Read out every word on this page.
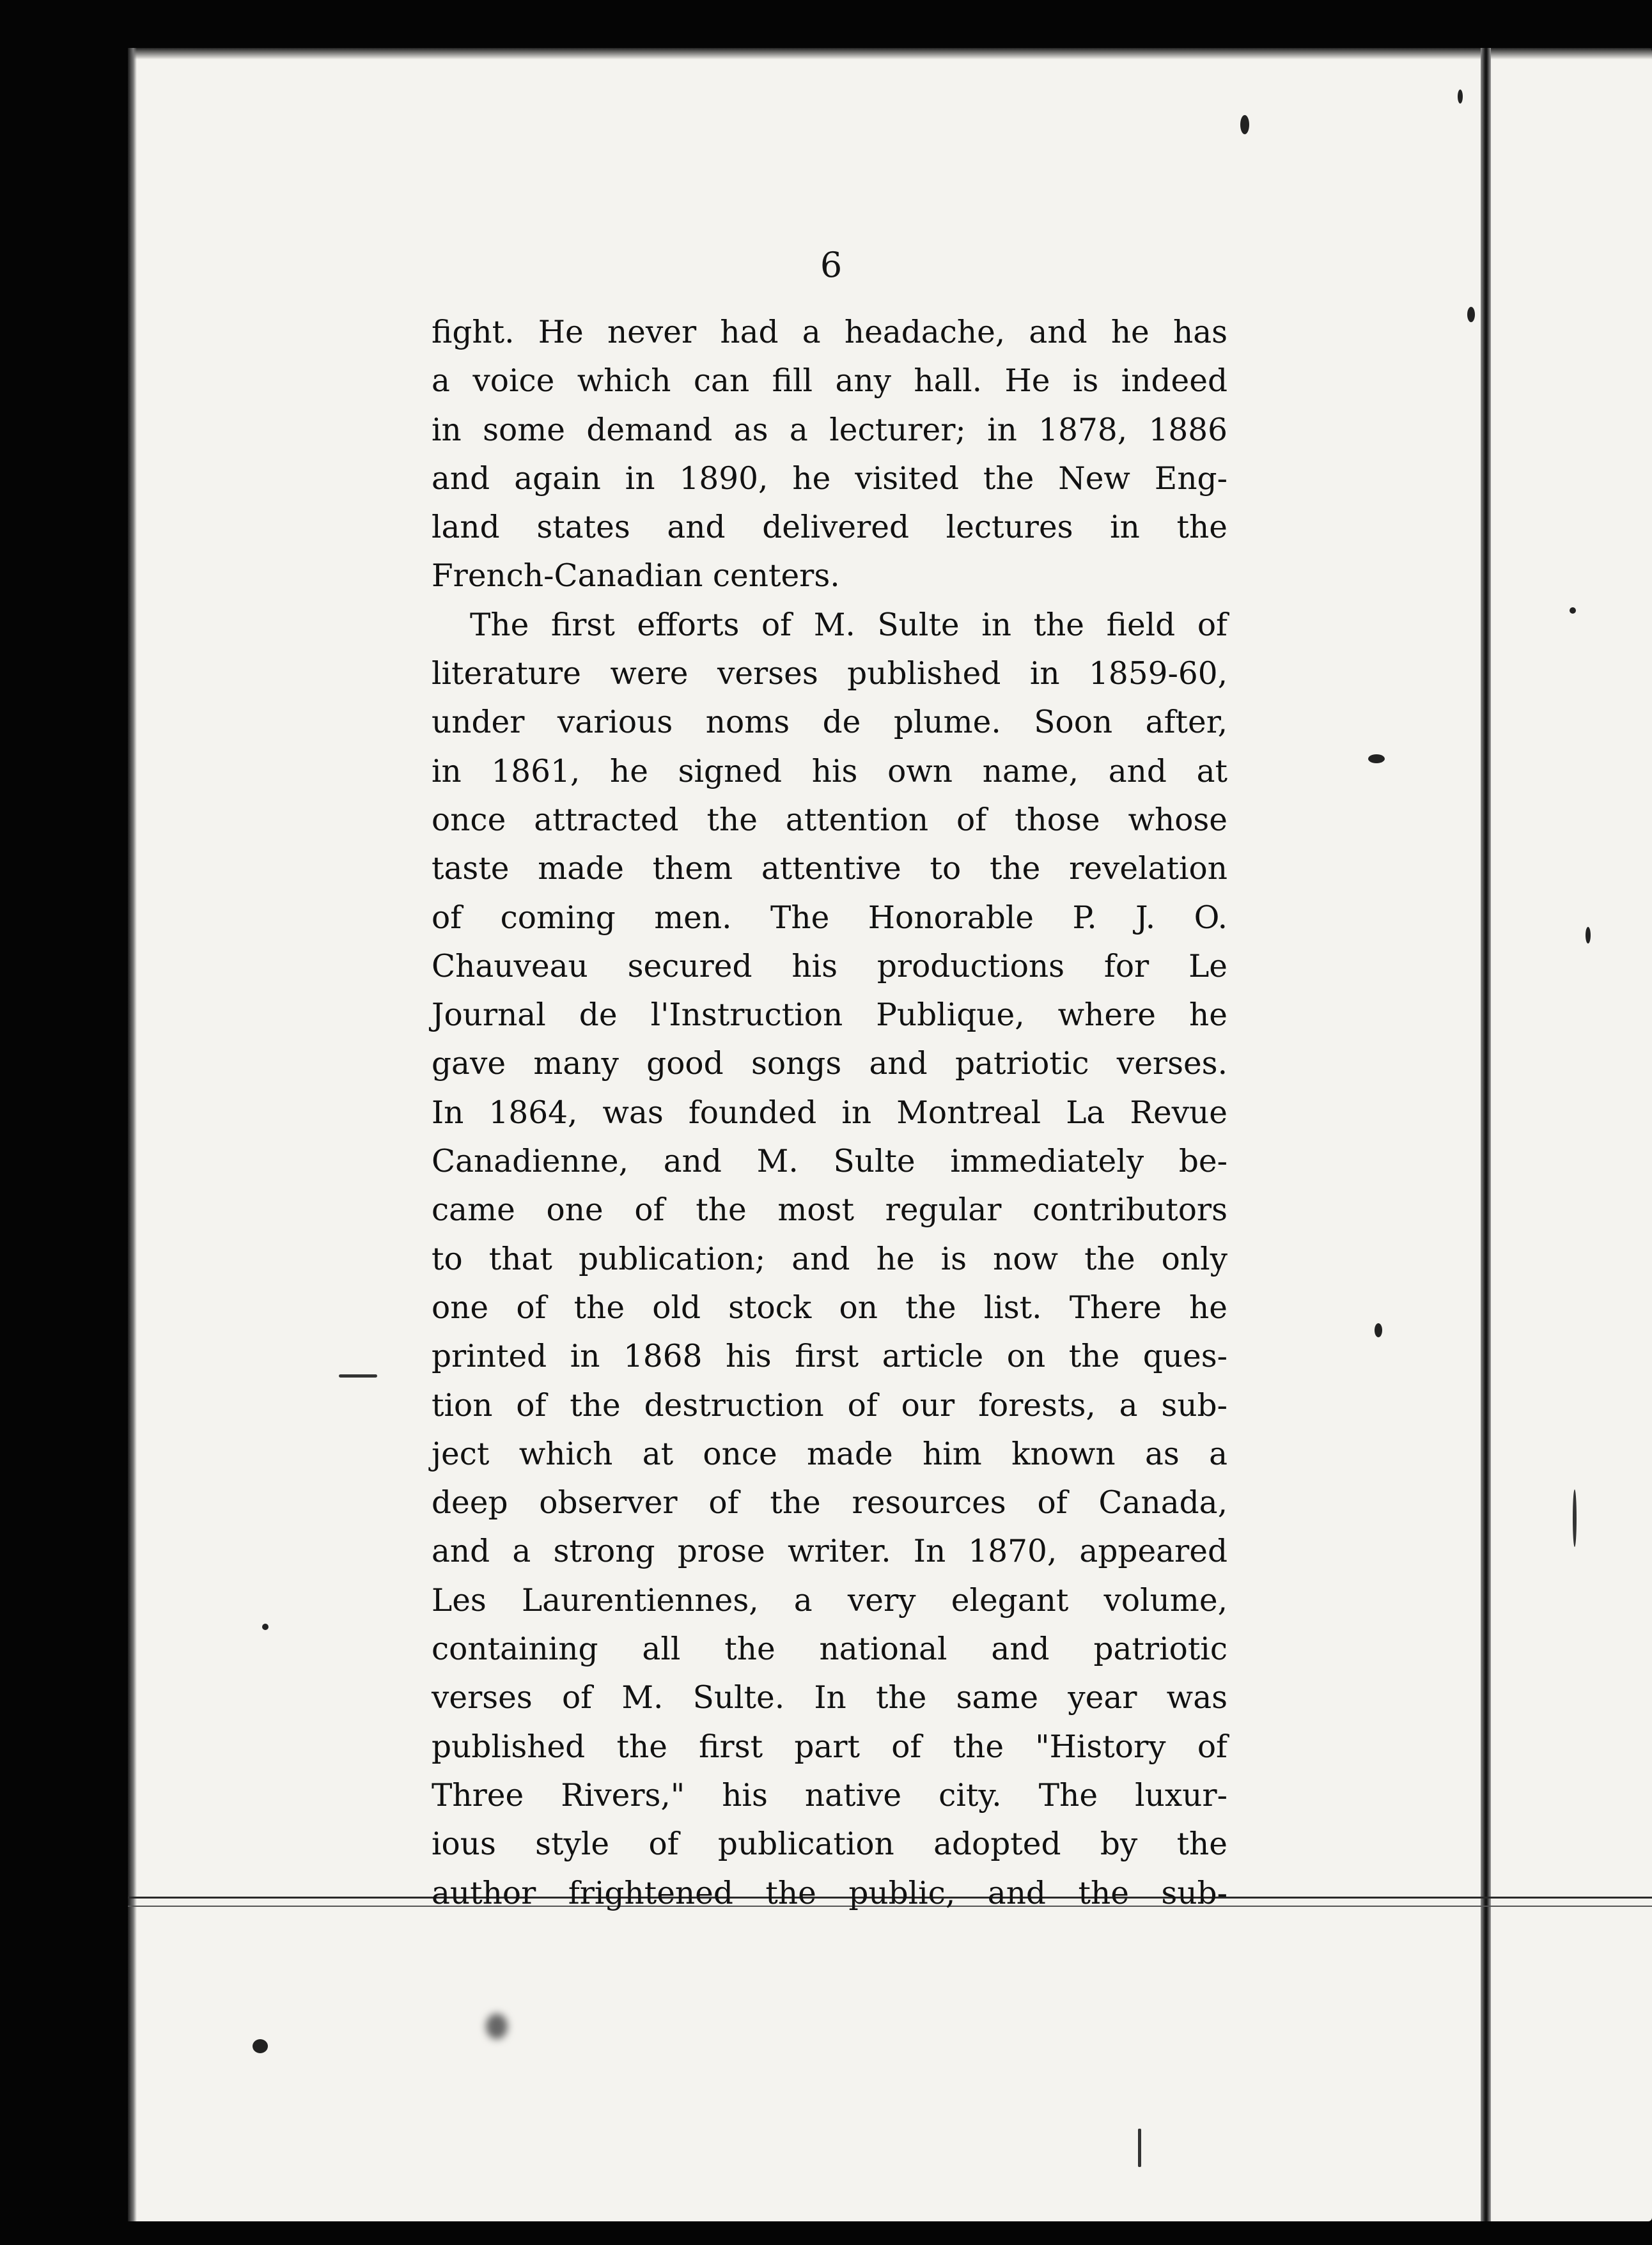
6
fight. He never had a headache, and he has
a voice which can fill any hall. He is indeed
in some demand as a lecturer; in 1878, 1886
and again in 1890, he visited the New Eng-
land states and delivered lectures in the
French-Canadian centers.
The first efforts of M. Sulte in the field of
literature were verses published in 1859-60,
under various noms de plume. Soon after,
in 1861, he signed his own name, and at
once attracted the attention of those whose
taste made them attentive to the revelation
of coming men. The Honorable P. J. O.
Chauveau secured his productions for Le
Journal de l'Instruction Publique, where he
gave many good songs and patriotic verses.
In 1864, was founded in Montreal La Revue
Canadienne, and M. Sulte immediately be-
came one of the most regular contributors
to that publication; and he is now the only
one of the old stock on the list. There he
printed in 1868 his first article on the ques-
tion of the destruction of our forests, a sub-
ject which at once made him known as a
deep observer of the resources of Canada,
and a strong prose writer. In 1870, appeared
Les Laurentiennes, a very elegant volume,
containing all the national and patriotic
verses of M. Sulte. In the same year was
published the first part of the "History of
Three Rivers," his native city. The luxur-
ious style of publication adopted by the
author frightened the public, and the sub-
